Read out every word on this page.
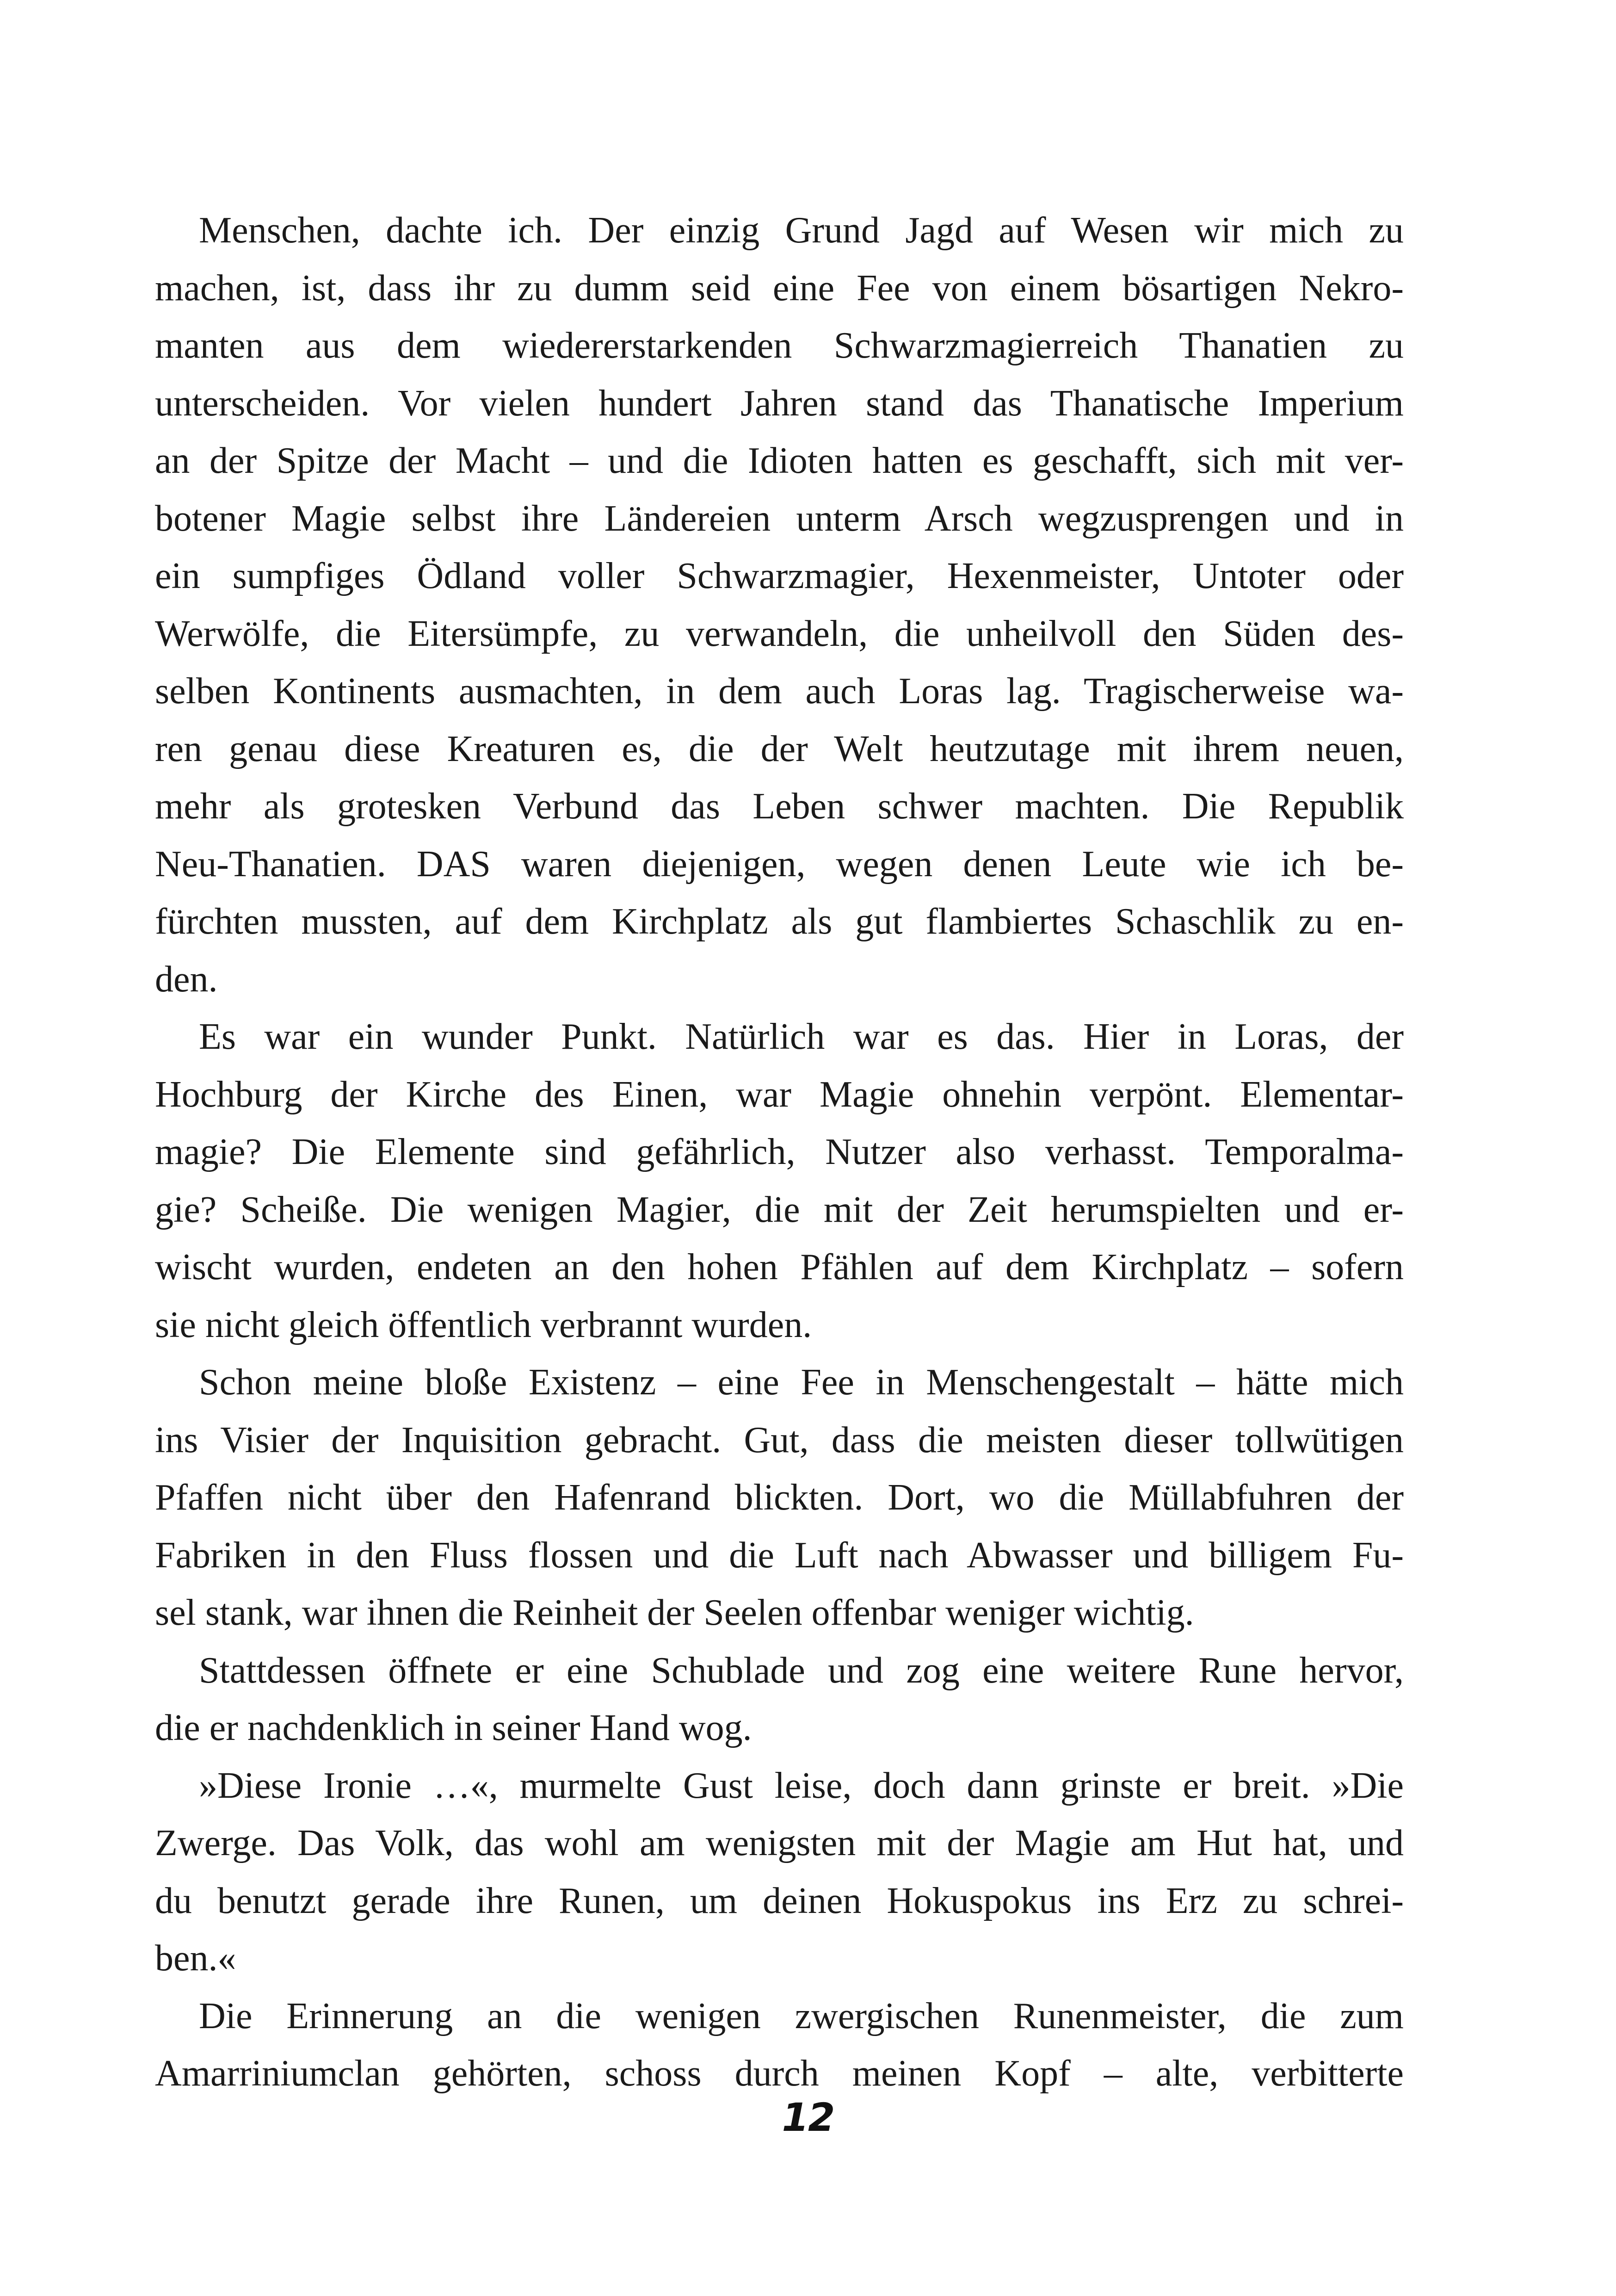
Menschen, dachte ich. Der einzig Grund Jagd auf Wesen wir mich zu
machen, ist, dass ihr zu dumm seid eine Fee von einem bösartigen Nekro-
manten aus dem wiedererstarkenden Schwarzmagierreich Thanatien zu
unterscheiden. Vor vielen hundert Jahren stand das Thanatische Imperium
an der Spitze der Macht – und die Idioten hatten es geschafft, sich mit ver-
botener Magie selbst ihre Ländereien unterm Arsch wegzusprengen und in
ein sumpfiges Ödland voller Schwarzmagier, Hexenmeister, Untoter oder
Werwölfe, die Eitersümpfe, zu verwandeln, die unheilvoll den Süden des-
selben Kontinents ausmachten, in dem auch Loras lag. Tragischerweise wa-
ren genau diese Kreaturen es, die der Welt heutzutage mit ihrem neuen,
mehr als grotesken Verbund das Leben schwer machten. Die Republik
Neu-Thanatien. DAS waren diejenigen, wegen denen Leute wie ich be-
fürchten mussten, auf dem Kirchplatz als gut flambiertes Schaschlik zu en-
den.
Es war ein wunder Punkt. Natürlich war es das. Hier in Loras, der
Hochburg der Kirche des Einen, war Magie ohnehin verpönt. Elementar-
magie? Die Elemente sind gefährlich, Nutzer also verhasst. Temporalma-
gie? Scheiße. Die wenigen Magier, die mit der Zeit herumspielten und er-
wischt wurden, endeten an den hohen Pfählen auf dem Kirchplatz – sofern
sie nicht gleich öffentlich verbrannt wurden.
Schon meine bloße Existenz – eine Fee in Menschengestalt – hätte mich
ins Visier der Inquisition gebracht. Gut, dass die meisten dieser tollwütigen
Pfaffen nicht über den Hafenrand blickten. Dort, wo die Müllabfuhren der
Fabriken in den Fluss flossen und die Luft nach Abwasser und billigem Fu-
sel stank, war ihnen die Reinheit der Seelen offenbar weniger wichtig.
Stattdessen öffnete er eine Schublade und zog eine weitere Rune hervor,
die er nachdenklich in seiner Hand wog.
»Diese Ironie …«, murmelte Gust leise, doch dann grinste er breit. »Die
Zwerge. Das Volk, das wohl am wenigsten mit der Magie am Hut hat, und
du benutzt gerade ihre Runen, um deinen Hokuspokus ins Erz zu schrei-
ben.«
Die Erinnerung an die wenigen zwergischen Runenmeister, die zum
Amarriniumclan gehörten, schoss durch meinen Kopf – alte, verbitterte
12
